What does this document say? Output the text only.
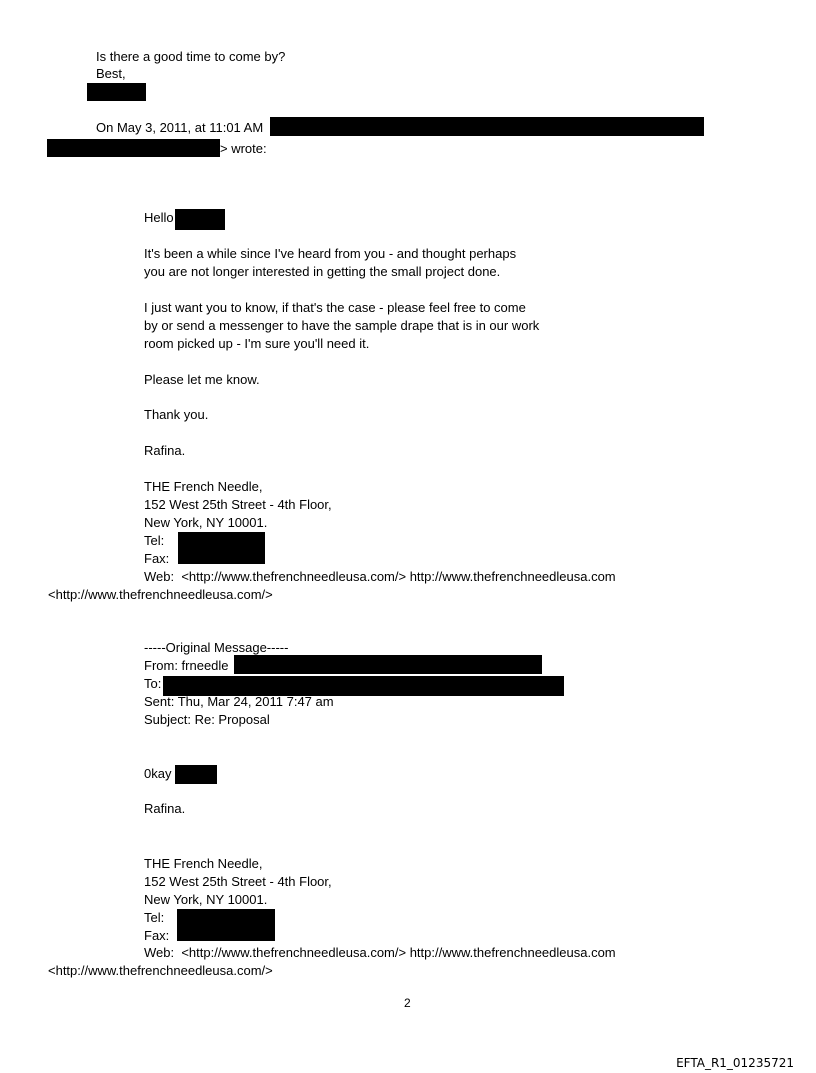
Is there a good time to come by?
Best,
On May 3, 2011, at 11:01 AM
> wrote:
Hello
It's been a while since I've heard from you - and thought perhaps
you are not longer interested in getting the small project done.
I just want you to know, if that's the case - please feel free to come
by or send a messenger to have the sample drape that is in our work
room picked up - I'm sure you'll need it.
Please let me know.
Thank you.
Rafina.
THE French Needle,
152 West 25th Street - 4th Floor,
New York, NY 10001.
Tel:
Fax:
Web:  <http://www.thefrenchneedleusa.com/> http://www.thefrenchneedleusa.com
<http://www.thefrenchneedleusa.com/>
-----Original Message-----
From: frneedle
To:
Sent: Thu, Mar 24, 2011 7:47 am
Subject: Re: Proposal
0kay
Rafina.
THE French Needle,
152 West 25th Street - 4th Floor,
New York, NY 10001.
Tel:
Fax:
Web:  <http://www.thefrenchneedleusa.com/> http://www.thefrenchneedleusa.com
<http://www.thefrenchneedleusa.com/>
2
EFTA_R1_01235721
